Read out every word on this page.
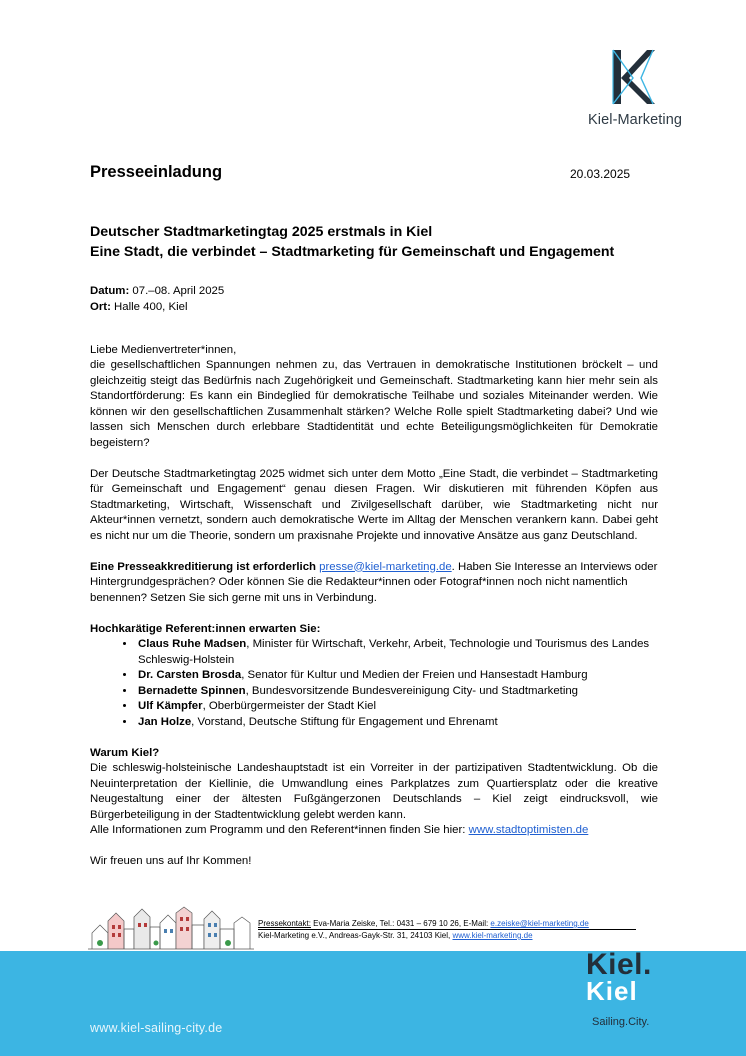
Kiel-Marketing
Presseeinladung	20.03.2025
Deutscher Stadtmarketingtag 2025 erstmals in Kiel
Eine Stadt, die verbindet – Stadtmarketing für Gemeinschaft und Engagement

Datum: 07.–08. April 2025

Ort: Halle 400, Kiel

Liebe Medienvertreter*innen,

die gesellschaftlichen Spannungen nehmen zu, das Vertrauen in demokratische Institutionen bröckelt – und gleichzeitig steigt das Bedürfnis nach Zugehörigkeit und Gemeinschaft. Stadtmarketing kann hier mehr sein als Standortförderung: Es kann ein Bindeglied für demokratische Teilhabe und soziales Miteinander werden. Wie können wir den gesellschaftlichen Zusammenhalt stärken? Welche Rolle spielt Stadtmarketing dabei? Und wie lassen sich Menschen durch erlebbare Stadtidentität und echte Beteiligungsmöglichkeiten für Demokratie begeistern?

Der Deutsche Stadtmarketingtag 2025 widmet sich unter dem Motto „Eine Stadt, die verbindet – Stadtmarketing für Gemeinschaft und Engagement“ genau diesen Fragen. Wir diskutieren mit führenden Köpfen aus Stadtmarketing, Wirtschaft, Wissenschaft und Zivilgesellschaft darüber, wie Stadtmarketing nicht nur Akteur*innen vernetzt, sondern auch demokratische Werte im Alltag der Menschen verankern kann. Dabei geht es nicht nur um die Theorie, sondern um praxisnahe Projekte und innovative Ansätze aus ganz Deutschland.

Eine Presseakkreditierung ist erforderlich presse@kiel-marketing.de. Haben Sie Interesse an Interviews oder Hintergrundgesprächen? Oder können Sie die Redakteur*innen oder Fotograf*innen noch nicht namentlich benennen? Setzen Sie sich gerne mit uns in Verbindung.

Hochkarätige Referent:innen erwarten Sie:

• Claus Ruhe Madsen, Minister für Wirtschaft, Verkehr, Arbeit, Technologie und Tourismus des Landes Schleswig-Holstein
• Dr. Carsten Brosda, Senator für Kultur und Medien der Freien und Hansestadt Hamburg
• Bernadette Spinnen, Bundesvorsitzende Bundesvereinigung City- und Stadtmarketing
• Ulf Kämpfer, Oberbürgermeister der Stadt Kiel
• Jan Holze, Vorstand, Deutsche Stiftung für Engagement und Ehrenamt

Warum Kiel?

Die schleswig-holsteinische Landeshauptstadt ist ein Vorreiter in der partizipativen Stadtentwicklung. Ob die Neuinterpretation der Kiellinie, die Umwandlung eines Parkplatzes zum Quartiersplatz oder die kreative Neugestaltung einer der ältesten Fußgängerzonen Deutschlands – Kiel zeigt eindrucksvoll, wie Bürgerbeteiligung in der Stadtentwicklung gelebt werden kann.

Alle Informationen zum Programm und den Referent*innen finden Sie hier: www.stadtoptimisten.de

Wir freuen uns auf Ihr Kommen!

Pressekontakt: Eva-Maria Zeiske, Tel.: 0431 – 679 10 26, E-Mail: e.zeiske@kiel-marketing.de
Kiel-Marketing e.V., Andreas-Gayk-Str. 31, 24103 Kiel, www.kiel-marketing.de
www.kiel-sailing-city.de
Kiel.
Kiel
Sailing.City.
